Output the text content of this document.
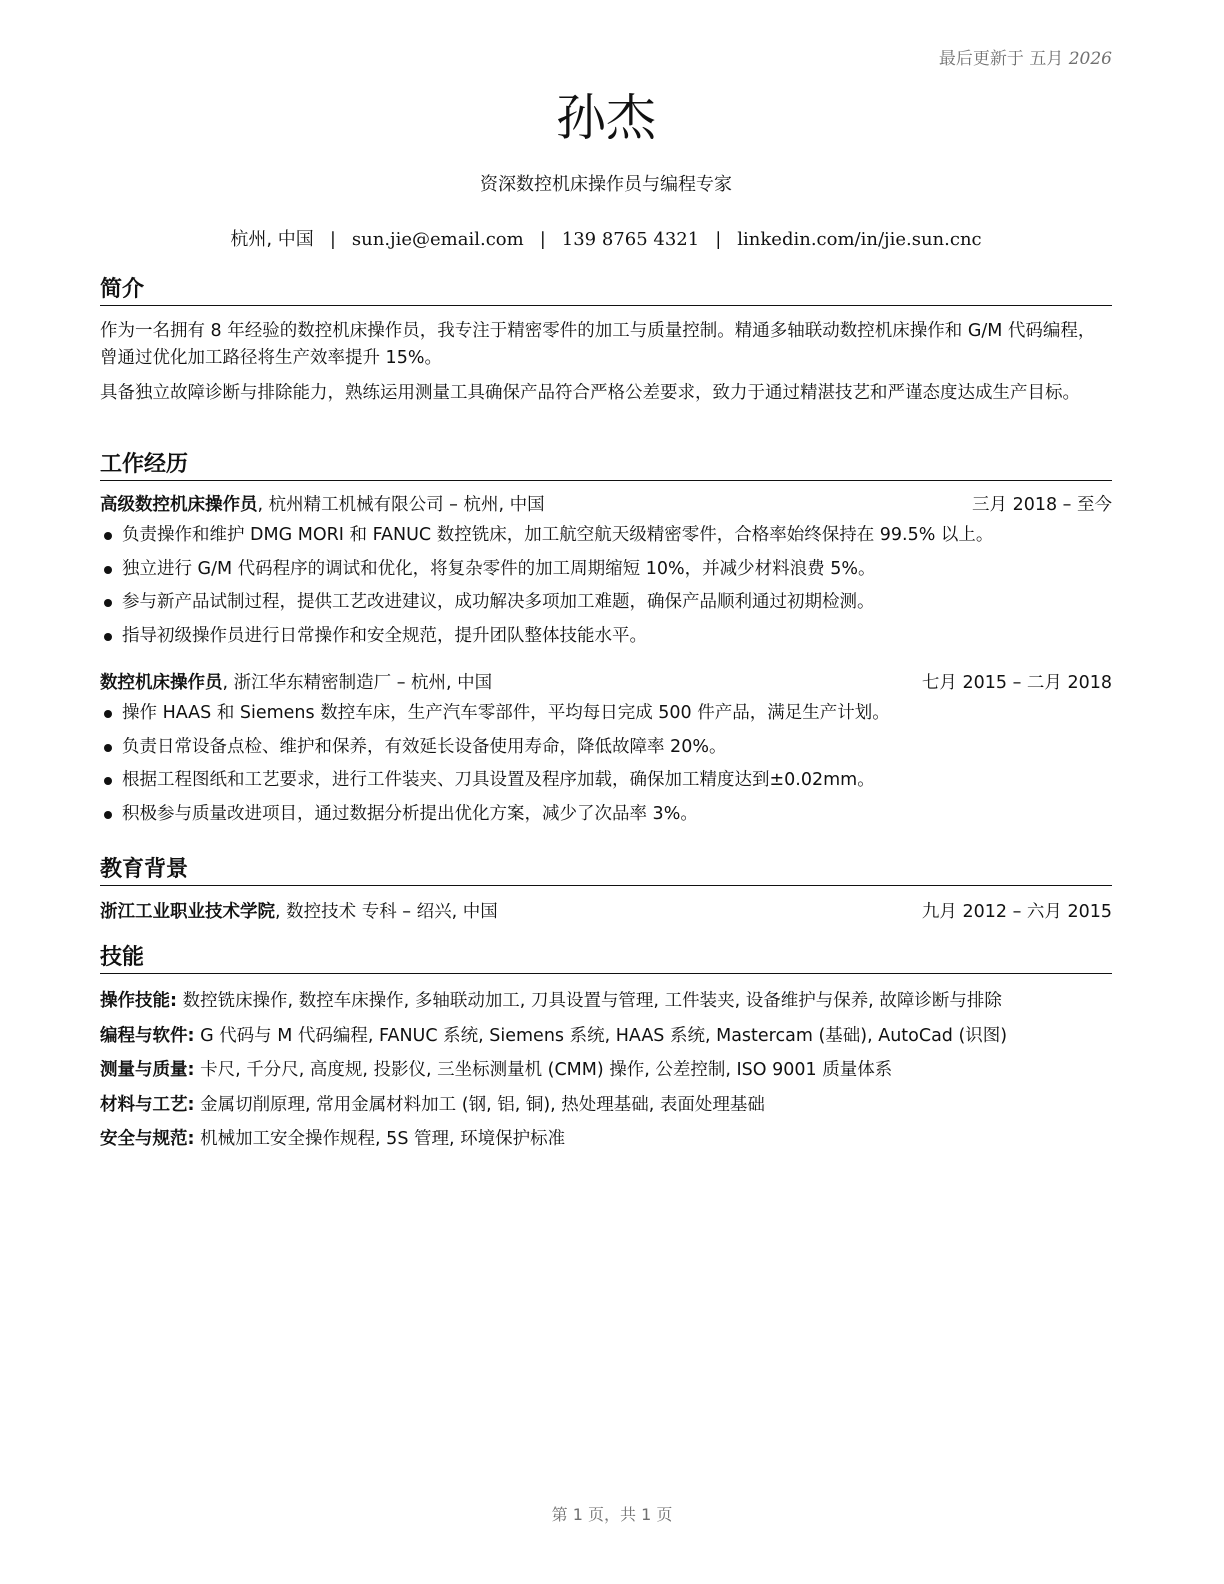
最后更新于 五月 2026
孙杰
资深数控机床操作员与编程专家
杭州, 中国 | sun.jie@email.com | 139 8765 4321 | linkedin.com/in/jie.sun.cnc
简介

作为一名拥有 8 年经验的数控机床操作员，我专注于精密零件的加工与质量控制。精通多轴联动数控机床操作和 G/M 代码编程，曾通过优化加工路径将生产效率提升 15%。

具备独立故障诊断与排除能力，熟练运用测量工具确保产品符合严格公差要求，致力于通过精湛技艺和严谨态度达成生产目标。

工作经历
高级数控机床操作员, 杭州精工机械有限公司 – 杭州, 中国	三月 2018 – 至今
负责操作和维护 DMG MORI 和 FANUC 数控铣床，加工航空航天级精密零件，合格率始终保持在 99.5% 以上。
独立进行 G/M 代码程序的调试和优化，将复杂零件的加工周期缩短 10%，并减少材料浪费 5%。
参与新产品试制过程，提供工艺改进建议，成功解决多项加工难题，确保产品顺利通过初期检测。
指导初级操作员进行日常操作和安全规范，提升团队整体技能水平。
数控机床操作员, 浙江华东精密制造厂 – 杭州, 中国	七月 2015 – 二月 2018
操作 HAAS 和 Siemens 数控车床，生产汽车零部件，平均每日完成 500 件产品，满足生产计划。
负责日常设备点检、维护和保养，有效延长设备使用寿命，降低故障率 20%。
根据工程图纸和工艺要求，进行工件装夹、刀具设置及程序加载，确保加工精度达到±0.02mm。
积极参与质量改进项目，通过数据分析提出优化方案，减少了次品率 3%。
教育背景
浙江工业职业技术学院, 数控技术 专科 – 绍兴, 中国	九月 2012 – 六月 2015
技能
操作技能: 数控铣床操作, 数控车床操作, 多轴联动加工, 刀具设置与管理, 工件装夹, 设备维护与保养, 故障诊断与排除
编程与软件: G 代码与 M 代码编程, FANUC 系统, Siemens 系统, HAAS 系统, Mastercam (基础), AutoCad (识图)
测量与质量: 卡尺, 千分尺, 高度规, 投影仪, 三坐标测量机 (CMM) 操作, 公差控制, ISO 9001 质量体系
材料与工艺: 金属切削原理, 常用金属材料加工 (钢, 铝, 铜), 热处理基础, 表面处理基础
安全与规范: 机械加工安全操作规程, 5S 管理, 环境保护标准
第 1 页，共 1 页
